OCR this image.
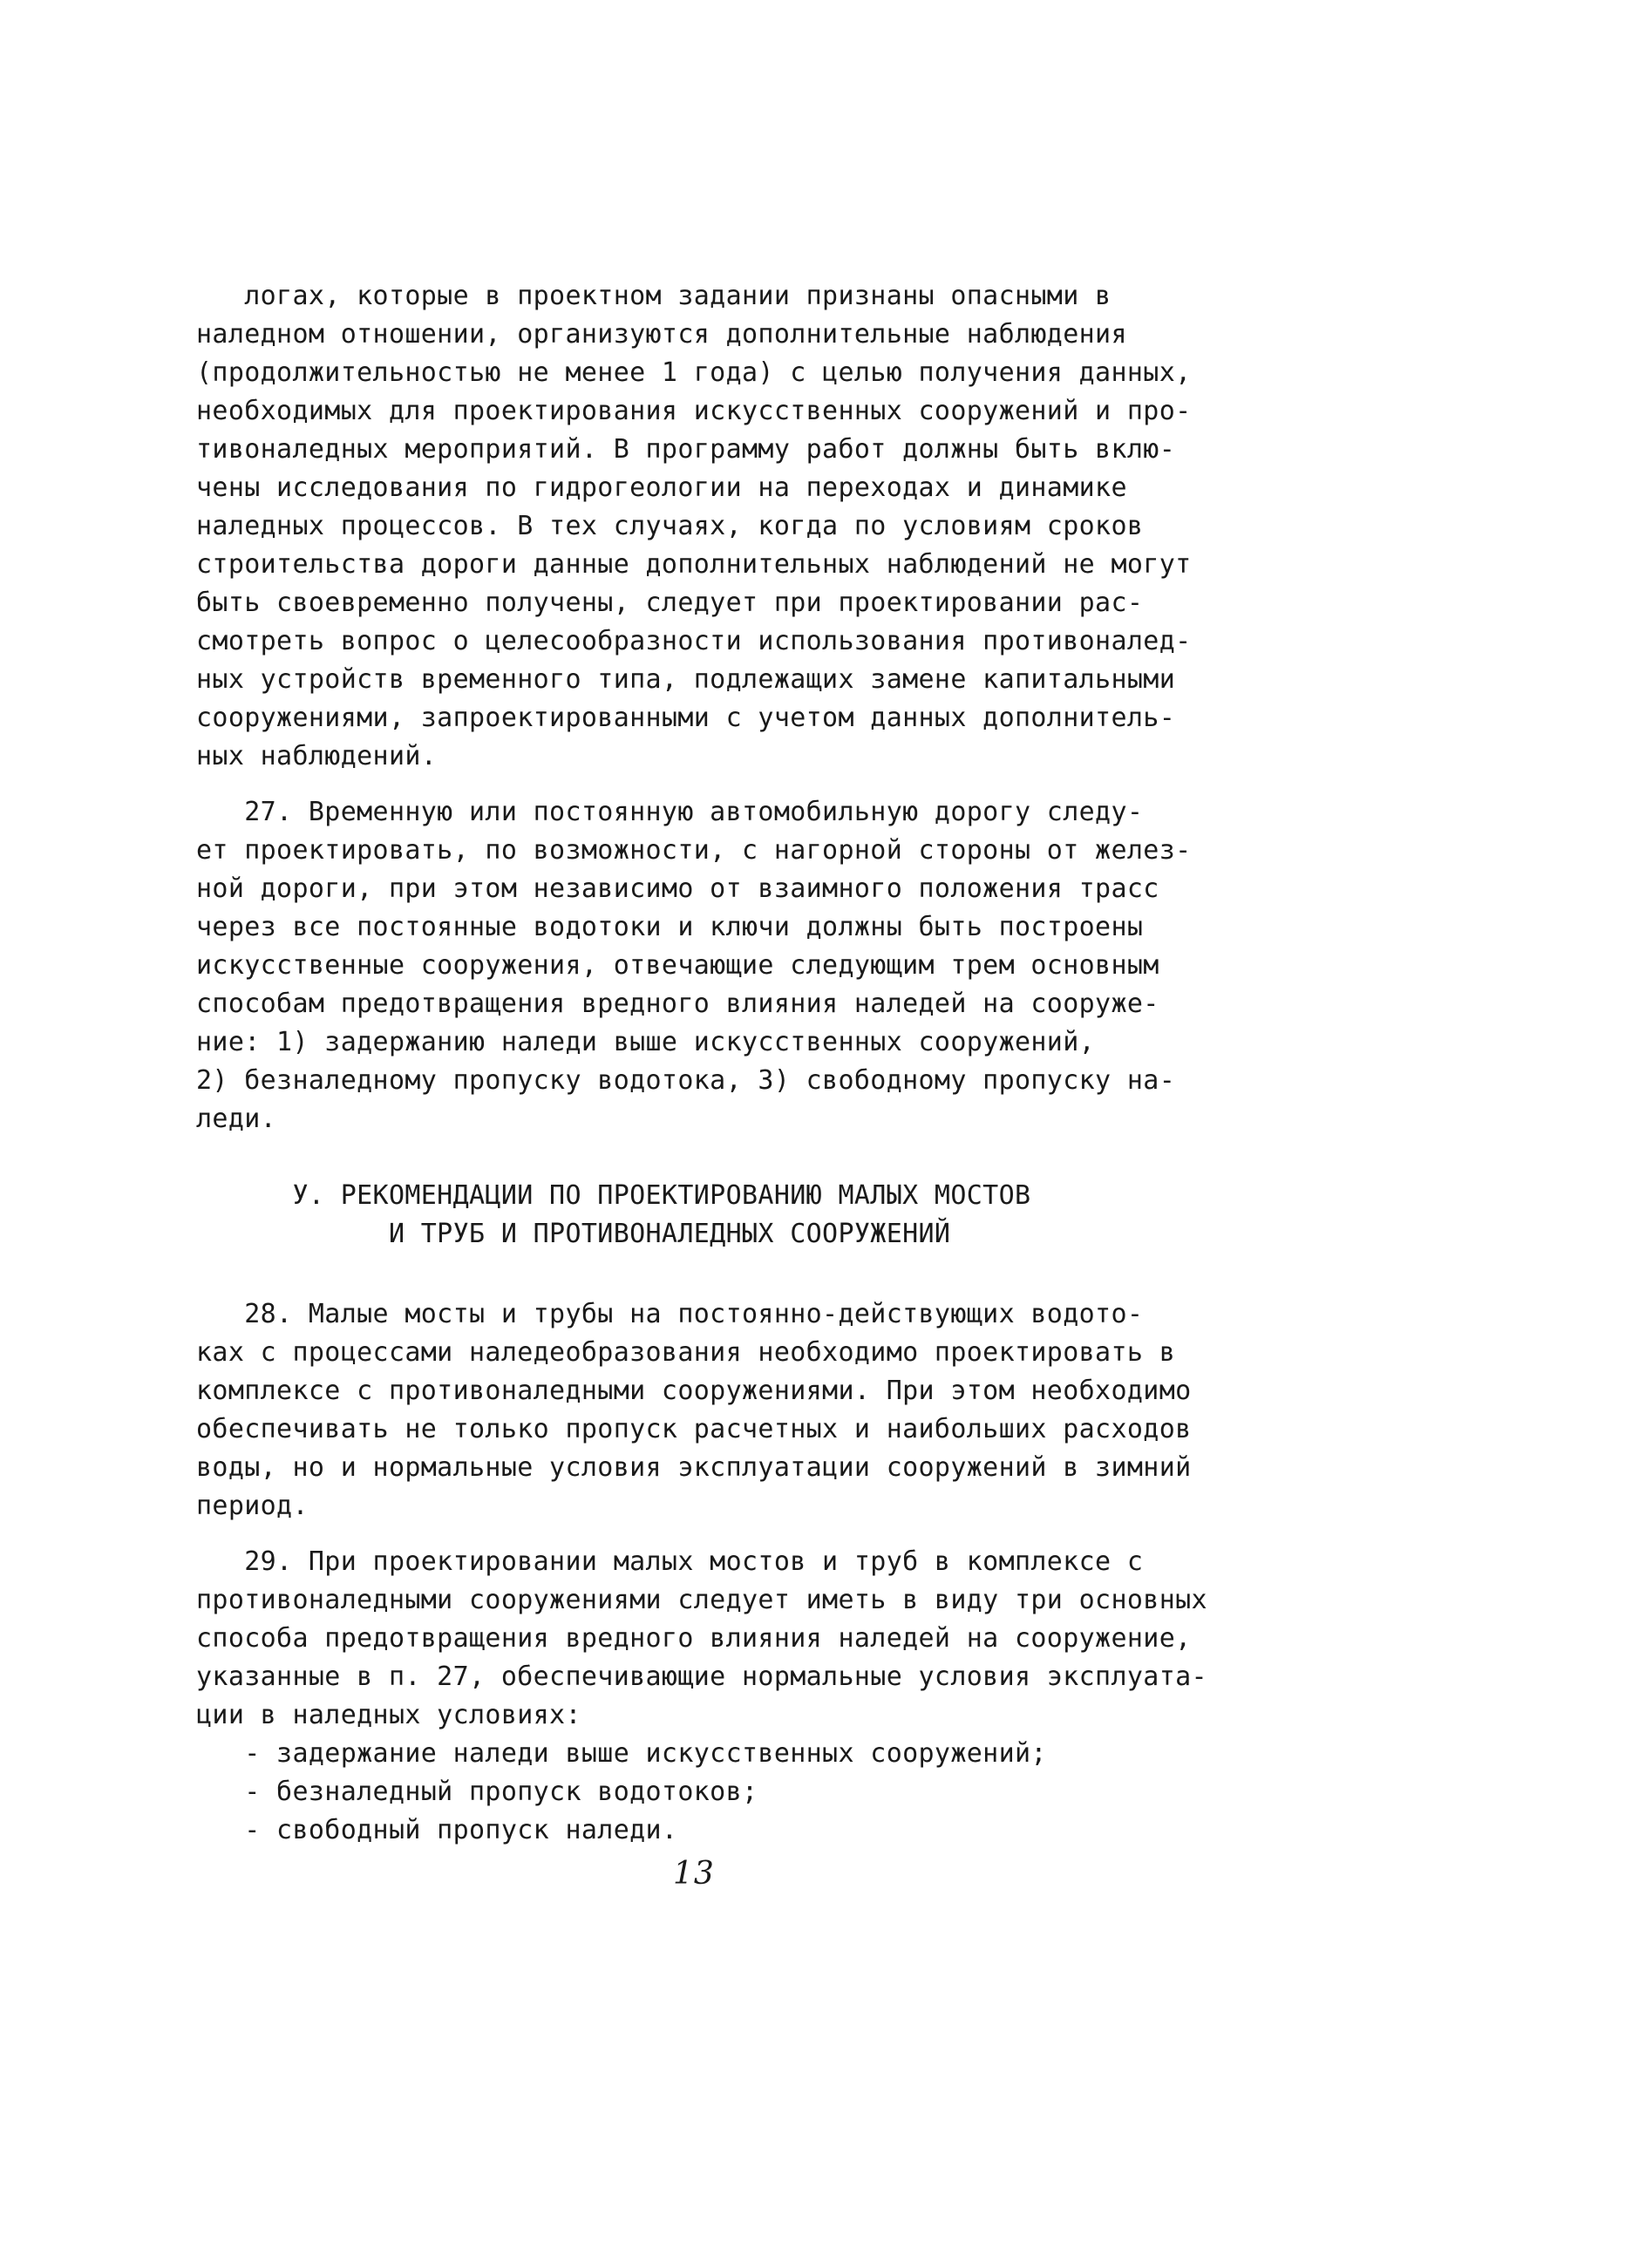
логах, которые в проектном задании признаны опасными в
наледном отношении, организуются дополнительные наблюдения
(продолжительностью не менее 1 года) с целью получения данных,
необходимых для проектирования искусственных сооружений и про-
тивоналедных мероприятий. В программу работ должны быть вклю-
чены исследования по гидрогеологии на переходах и динамике
наледных процессов. В тех случаях, когда по условиям сроков
строительства дороги данные дополнительных наблюдений не могут
быть своевременно получены, следует при проектировании рас-
смотреть вопрос о целесообразности использования противоналед-
ных устройств временного типа, подлежащих замене капитальными
сооружениями, запроектированными с учетом данных дополнитель-
ных наблюдений.
27. Временную или постоянную автомобильную дорогу следу-
ет проектировать, по возможности, с нагорной стороны от желез-
ной дороги, при этом независимо от взаимного положения трасс
через все постоянные водотоки и ключи должны быть построены
искусственные сооружения, отвечающие следующим трем основным
способам предотвращения вредного влияния наледей на сооруже-
ние: 1) задержанию наледи выше искусственных сооружений,
2) безналедному пропуску водотока, 3) свободному пропуску на-
леди.
У. РЕКОМЕНДАЦИИ ПО ПРОЕКТИРОВАНИЮ МАЛЫХ МОСТОВ
И ТРУБ И ПРОТИВОНАЛЕДНЫХ СООРУЖЕНИЙ
28. Малые мосты и трубы на постоянно-действующих водото-
ках с процессами наледеобразования необходимо проектировать в
комплексе с противоналедными сооружениями. При этом необходимо
обеспечивать не только пропуск расчетных и наибольших расходов
воды, но и нормальные условия эксплуатации сооружений в зимний
период.
29. При проектировании малых мостов и труб в комплексе с
противоналедными сооружениями следует иметь в виду три основных
способа предотвращения вредного влияния наледей на сооружение,
указанные в п. 27, обеспечивающие нормальные условия эксплуата-
ции в наледных условиях:
- задержание наледи выше искусственных сооружений;
- безналедный пропуск водотоков;
- свободный пропуск наледи.
13
